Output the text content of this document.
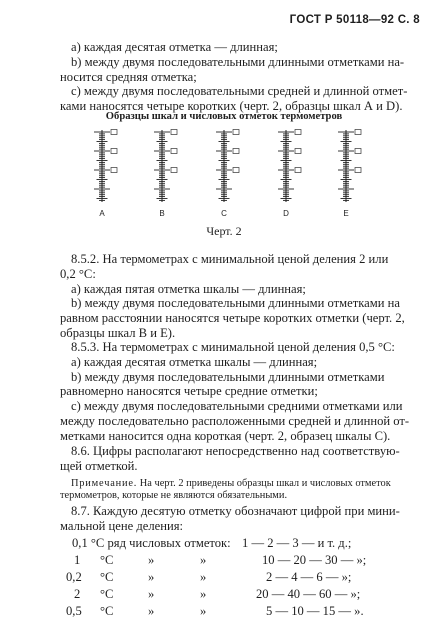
ГОСТ Р 50118—92 С. 8
а) каждая десятая отметка — длинная;
b) между двумя последовательными длинными отметками на-
носится средняя отметка;
с) между двумя последовательными средней и длинной отмет-
ками наносятся четыре коротких (черт. 2, образцы шкал А и D).
Образцы шкал и числовых отметок термометров
A	B	C	D	E
Черт. 2
8.5.2. На термометрах с минимальной ценой деления 2 или
0,2 °C:
а) каждая пятая отметка шкалы — длинная;
b) между двумя последовательными длинными отметками на
равном расстоянии наносятся четыре коротких отметки (черт. 2,
образцы шкал В и Е).
8.5.3. На термометрах с минимальной ценой деления 0,5 °C:
а) каждая десятая отметка шкалы — длинная;
b) между двумя последовательными длинными отметками
равномерно наносятся четыре средние отметки;
с) между двумя последовательными средними отметками или
между последовательно расположенными средней и длинной от-
метками наносится одна короткая (черт. 2, образец шкалы С).
8.6. Цифры располагают непосредственно над соответствую-
щей отметкой.
Примечание. На черт. 2 приведены образцы шкал и числовых отметок
термометров, которые не являются обязательными.
8.7. Каждую десятую отметку обозначают цифрой при мини-
мальной цене деления:
0,1 °С ряд числовых отметок: 1 — 2 — 3 — и т. д.;
1 °С	»	»	10 — 20 — 30 — »;
0,2 °С	»	»	2 — 4 — 6 — »;
2 °С	»	»	20 — 40 — 60 — »;
0,5 °С	»	»	5 — 10 — 15 — ».
